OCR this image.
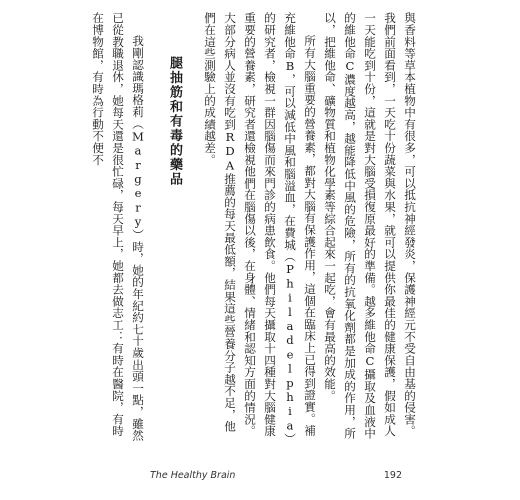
與香料等草本植物中有很多，可以抵抗神經發炎，保護神經元不受自由基的侵害。我們前面看到，一天吃十份蔬菜與水果，就可以提供你最佳的健康保護，假如成人一天能吃到十份，這就是對大腦受損復原最好的準備。越多維他命C攝取及血液中的維他命C濃度越高，越能降低中風的危險，所有的抗氧化劑都是加成的作用，所以，把維他命、礦物質和植物化學素等綜合起來一起吃，會有最高的效能。

所有大腦重要的營養素，都對大腦有保護作用，這個在臨床上已得到證實。補充維他命B，可以減低中風和腦溢血，在費城（Philadelphia）的研究者，檢視一群因腦傷而來門診的病患飲食。他們每天攝取十四種對大腦健康重要的營養素，研究者還檢視他們在腦傷以後，在身體、情緒和認知方面的情況。大部分病人並沒有吃到RDA推薦的每天最低額，結果這些營養分子越不足，他們在這些測驗上的成績越差。

腿抽筋和有毒的藥品

我剛認識瑪格莉（Margery）時，她的年紀約七十歲出頭一點，雖然已從教職退休，她每天還是很忙碌，每天早上，她都去做志工：有時在醫院，有時在博物館，有時為行動不便不

The Healthy Brain	192
